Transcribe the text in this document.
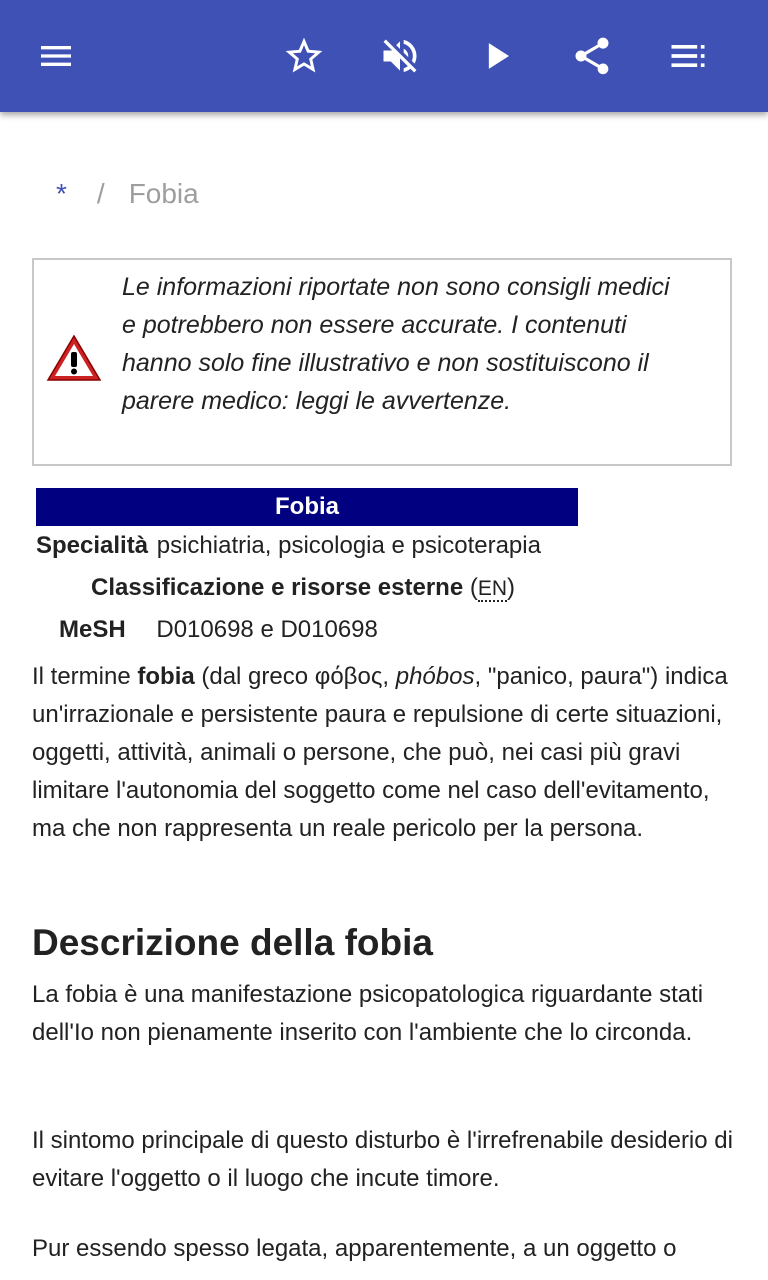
* / Fobia
Le informazioni riportate non sono consigli medici e potrebbero non essere accurate. I contenuti hanno solo fine illustrativo e non sostituiscono il parere medico: leggi le avvertenze.
Fobia
Specialità psichiatria, psicologia e psicoterapia
Classificazione e risorse esterne (EN)
MeSH D010698 e D010698

Il termine fobia (dal greco φόβος, phóbos, "panico, paura") indica un'irrazionale e persistente paura e repulsione di certe situazioni, oggetti, attività, animali o persone, che può, nei casi più gravi limitare l'autonomia del soggetto come nel caso dell'evitamento, ma che non rappresenta un reale pericolo per la persona.

Descrizione della fobia

La fobia è una manifestazione psicopatologica riguardante stati dell'Io non pienamente inserito con l'ambiente che lo circonda.

Il sintomo principale di questo disturbo è l'irrefrenabile desiderio di evitare l'oggetto o il luogo che incute timore.

Pur essendo spesso legata, apparentemente, a un oggetto o
